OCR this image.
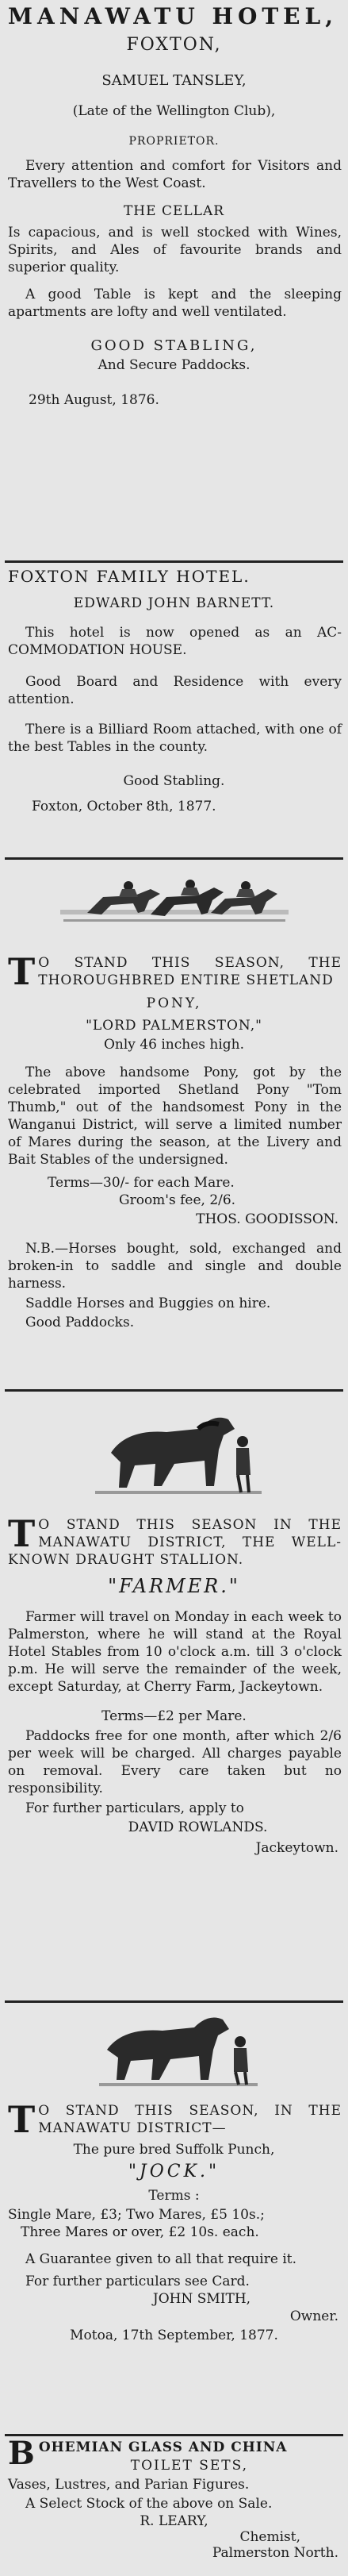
MANAWATU HOTEL,
FOXTON,
SAMUEL TANSLEY,
(Late of the Wellington Club),
PROPRIETOR.
Every attention and comfort for Visitors and Travellers to the West Coast.
THE CELLAR
Is capacious, and is well stocked with Wines, Spirits, and Ales of favourite brands and superior quality.
A good Table is kept and the sleeping apartments are lofty and well ventilated.
GOOD STABLING,
And Secure Paddocks.
29th August, 1876.
FOXTON FAMILY HOTEL.
EDWARD JOHN BARNETT.
This hotel is now opened as an AC-COMMODATION HOUSE.
Good Board and Residence with every attention.
There is a Billiard Room attached, with one of the best Tables in the county.
Good Stabling.
Foxton, October 8th, 1877.
T O STAND THIS SEASON, THE THOROUGHBRED ENTIRE SHETLAND
PONY,
"LORD PALMERSTON,"
Only 46 inches high.
The above handsome Pony, got by the celebrated imported Shetland Pony "Tom Thumb," out of the handsomest Pony in the Wanganui District, will serve a limited number of Mares during the season, at the Livery and Bait Stables of the undersigned.
Terms—30/- for each Mare.
Groom's fee, 2/6.
THOS. GOODISSON.
N.B.—Horses bought, sold, exchanged and broken-in to saddle and single and double harness.
Saddle Horses and Buggies on hire.
Good Paddocks.
T O STAND THIS SEASON IN THE MANAWATU DISTRICT, THE WELL-KNOWN DRAUGHT STALLION.
"FARMER."
Farmer will travel on Monday in each week to Palmerston, where he will stand at the Royal Hotel Stables from 10 o'clock a.m. till 3 o'clock p.m. He will serve the remainder of the week, except Saturday, at Cherry Farm, Jackeytown.
Terms—£2 per Mare.
Paddocks free for one month, after which 2/6 per week will be charged. All charges payable on removal. Every care taken but no responsibility.
For further particulars, apply to
DAVID ROWLANDS.
Jackeytown.
T O STAND THIS SEASON, IN THE MANAWATU DISTRICT—
The pure bred Suffolk Punch,
"JOCK."
Terms :
Single Mare, £3; Two Mares, £5 10s.;
Three Mares or over, £2 10s. each.
A Guarantee given to all that require it.
For further particulars see Card.
JOHN SMITH,
Owner.
Motoa, 17th September, 1877.
BOHEMIAN GLASS AND CHINA
TOILET SETS,
Vases, Lustres, and Parian Figures.
A Select Stock of the above on Sale.
R. LEARY,
Chemist,
Palmerston North.
